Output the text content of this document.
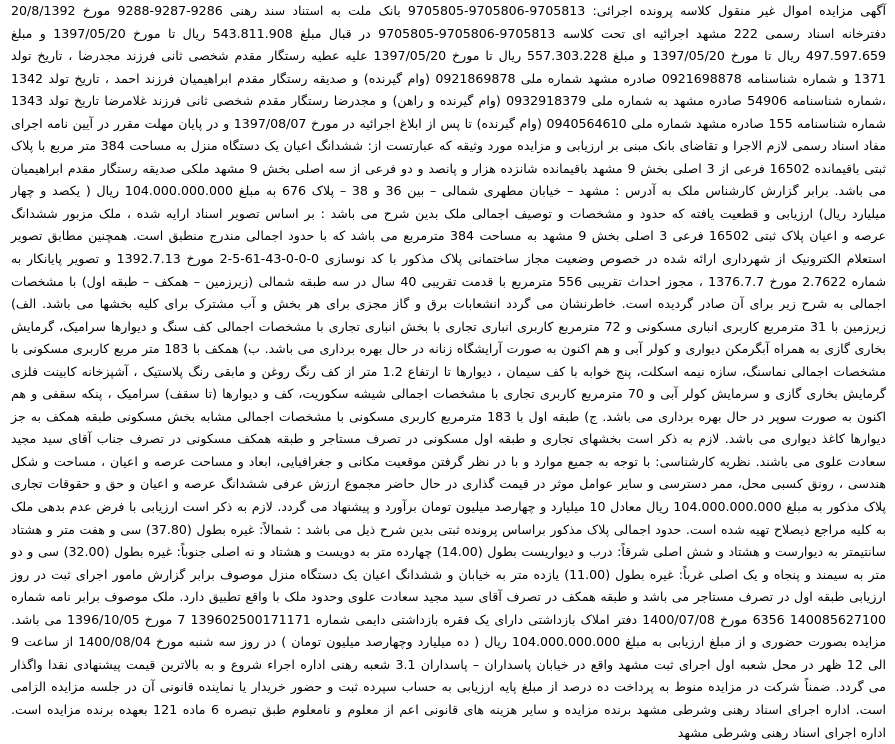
آگهی مزایده اموال غیر منقول کلاسه پرونده اجرائی: 9705813-9705806-9705805 بانک ملت به استناد سند رهنی 9286-9287-9288 مورخ 20/8/1392 دفترخانه اسناد رسمی 222 مشهد اجرائیه ای تحت کلاسه 9705813-9705806-9705805 در قبال مبلغ 543.811.908 ریال تا مورخ 1397/05/20 و مبلغ 497.597.659 ریال تا مورخ 1397/05/20 و مبلغ 557.303.228 ریال تا مورخ 1397/05/20 علیه عطیه رستگار مقدم شخصی ثانی فرزند مجدرضا ، تاریخ تولد 1371 و شماره شناسنامه 0921698878 صادره مشهد شماره ملی 0921869878 (وام گیرنده) و صدیقه رستگار مقدم ابراهیمیان فرزند احمد ، تاریخ تولد 1342 ،شماره شناسنامه 54906 صادره مشهد به شماره ملی 0932918379 (وام گیرنده و راهن) و مجدرضا رستگار مقدم شخصی ثانی فرزند غلامرضا تاریخ تولد 1343 شماره شناسنامه 155 صادره مشهد شماره ملی 0940564610 (وام گیرنده) تا پس از ابلاغ اجرائیه در مورخ 1397/08/07 و در پایان مهلت مقرر در آیین نامه اجرای مفاد اسناد رسمی لازم الاجرا و تقاضای بانک مبنی بر ارزیابی و مزایده مورد وثیقه که عبارتست از: ششدانگ اعیان یک دستگاه منزل به مساحت 384 متر مربع با پلاک ثبتی باقیمانده 16502 فرعی از 3 اصلی بخش 9 مشهد باقیمانده شانزده هزار و پانصد و دو فرعی از سه اصلی بخش 9 مشهد ملکی صدیقه رستگار مقدم ابراهیمیان می باشد. برابر گزارش کارشناس ملک به آدرس : مشهد – خیابان مطهری شمالی – بین 36 و 38 – پلاک 676 به مبلغ 104.000.000.000 ریال ( یکصد و چهار میلیارد ریال) ارزیابی و قطعیت یافته که حدود و مشخصات و توصیف اجمالی ملک بدین شرح می باشد : بر اساس تصویر اسناد ارایه شده ، ملک مزبور ششدانگ عرصه و اعیان پلاک ثبتی 16502 فرعی 3 اصلی بخش 9 مشهد به مساحت 384 مترمربع می باشد که با حدود اجمالی مندرج منطبق است. همچنین مطابق تصویر استعلام الکترونیک از شهرداری ارائه شده در خصوص وضعیت مجاز ساختمانی پلاک مذکور با کد نوسازی 0-0-0-43-61-5-2 مورخ 1392.7.13 و تصویر پایانکار به شماره 2.7622 مورخ 1376.7.7 ، مجوز احداث تقریبی 556 مترمربع با قدمت تقریبی 40 سال در سه طبقه شمالی (زیرزمین – همکف – طبقه اول) با مشخصات اجمالی به شرح زیر برای آن صادر گردیده است. خاطرنشان می گردد انشعابات برق و گاز مجزی برای هر بخش و آب مشترک برای کلیه بخشها می باشد. الف) زیرزمین با 31 مترمربع کاربری انباری مسکونی و 72 مترمربع کاربری انباری تجاری با بخش انباری تجاری با مشخصات اجمالی کف سنگ و دیوارها سرامیک، گرمایش بخاری گازی به همراه آبگرمکن دیواری و کولر آبی و هم اکنون به صورت آرایشگاه زنانه در حال بهره برداری می باشد. ب) همکف با 183 متر مربع کاربری مسکونی با مشخصات اجمالی نماسنگ، سازه نیمه اسکلت، پنج خوابه با کف سیمان ، دیوارها تا ارتفاع 1.2 متر از کف رنگ روغن و مابقی رنگ پلاستیک ، آشپزخانه کابینت فلزی گرمایش بخاری گازی و سرمایش کولر آبی و 70 مترمربع کاربری تجاری با مشخصات اجمالی شیشه سکوریت، کف و دیوارها (تا سقف) سرامیک ، پنکه سقفی و هم اکنون به صورت سوپر در حال بهره برداری می باشد. ج) طبقه اول با 183 مترمربع کاربری مسکونی با مشخصات اجمالی مشابه بخش مسکونی طبقه همکف به جز دیوارها کاغذ دیواری می باشد. لازم به ذکر است بخشهای تجاری و طبقه اول مسکونی در تصرف مستاجر و طبقه همکف مسکونی در تصرف جناب آقای سید مجید سعادت علوی می باشند. نظریه کارشناسی: با توجه به جمیع موارد و با در نظر گرفتن موقعیت مکانی و جغرافیایی، ابعاد و مساحت عرصه و اعیان ، مساحت و شکل هندسی ، رونق کسبی محل، ممر دسترسی و سایر عوامل موثر در قیمت گذاری در حال حاضر مجموع ارزش عرفی ششدانگ عرصه و اعیان و حق و حقوقات تجاری پلاک مذکور به مبلغ 104.000.000.000 ریال معادل 10 میلیارد و چهارصد میلیون تومان برآورد و پیشنهاد می گردد. لازم به ذکر است ارزیابی با فرض عدم بدهی ملک به کلیه مراجع ذیصلاح تهیه شده است. حدود اجمالی پلاک مذکور براساس پرونده ثبتی بدین شرح ذیل می باشد : شمالاً: غیره بطول (37.80) سی و هفت متر و هشتاد سانتیمتر به دیوارست و هشتاد و شش اصلی شرقاً: درب و دیواریست بطول (14.00) چهارده متر به دویست و هشتاد و نه اصلی جنوباً: غیره بطول (32.00) سی و دو متر به سیمند و پنجاه و یک اصلی غرباً: غیره بطول (11.00) یازده متر به خیابان و ششدانگ اعیان یک دستگاه منزل موصوف برابر گزارش مامور اجرای ثبت در روز ارزیابی طبقه اول در تصرف مستاجر می باشد و طبقه همکف در تصرف آقای سید مجید سعادت علوی وحدود ملک با واقع تطبیق دارد. ملک موصوف برابر نامه شماره 140085627100 6356 مورخ 1400/07/08 دفتر املاک بازداشتی دارای یک فقره بازداشتی دایمی شماره 139602500171171 7 مورخ 1396/10/05 می باشد. مزایده بصورت حضوری و از مبلغ ارزیابی به مبلغ 104.000.000.000 ریال ( ده میلیارد وچهارصد میلیون تومان ) در روز سه شنبه مورخ 1400/08/04 از ساعت 9 الی 12 ظهر در محل شعبه اول اجرای ثبت مشهد واقع در خیابان پاسداران – پاسداران 3.1 شعبه رهنی اداره اجراء شروع و به بالاترین قیمت پیشنهادی نقدا واگذار می گردد. ضمناً شرکت در مزایده منوط به پرداخت ده درصد از مبلغ پایه ارزیابی به حساب سپرده ثبت و حضور خریدار یا نماینده قانونی آن در جلسه مزایده الزامی است. اداره اجرای اسناد رهنی وشرطی مشهد برنده مزایده و سایر هزینه های قانونی اعم از معلوم و نامعلوم طبق تبصره 6 ماده 121 بعهده برنده مزایده است. اداره اجرای اسناد رهنی وشرطی مشهد
